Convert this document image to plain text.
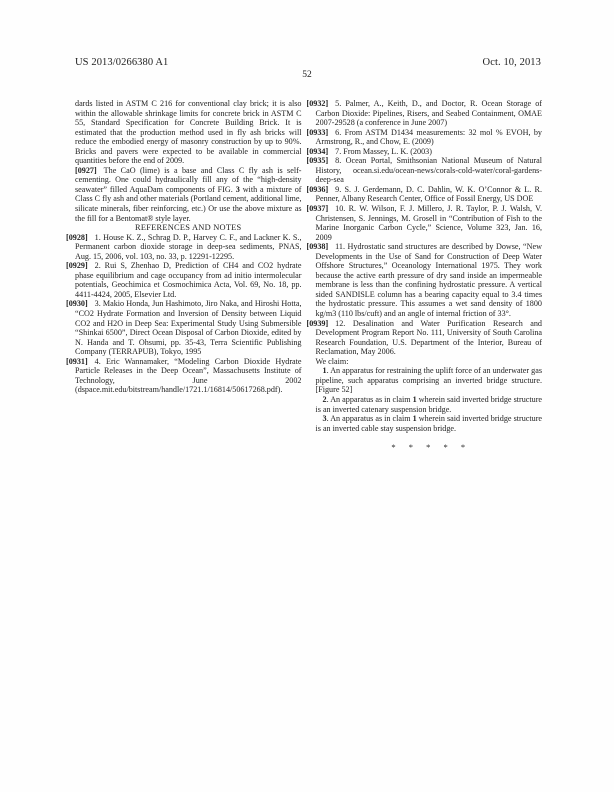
US 2013/0266380 A1	Oct. 10, 2013
52

dards listed in ASTM C 216 for conventional clay brick; it is also within the allowable shrinkage limits for concrete brick in ASTM C 55, Standard Specification for Concrete Building Brick. It is estimated that the production method used in fly ash bricks will reduce the embodied energy of masonry construction by up to 90%. Bricks and pavers were expected to be available in commercial quantities before the end of 2009.

[0927] The CaO (lime) is a base and Class C fly ash is self-cementing. One could hydraulically fill any of the “high-density seawater” filled AquaDam components of FIG. 3 with a mixture of Class C fly ash and other materials (Portland cement, additional lime, silicate minerals, fiber reinforcing, etc.) Or use the above mixture as the fill for a Bentomat® style layer.

REFERENCES AND NOTES

[0928] 1. House K. Z., Schrag D. P., Harvey C. F., and Lackner K. S., Permanent carbon dioxide storage in deep-sea sediments, PNAS, Aug. 15, 2006, vol. 103, no. 33, p. 12291-12295.

[0929] 2. Rui S, Zhenhao D, Prediction of CH4 and CO2 hydrate phase equilibrium and cage occupancy from ad initio intermolecular potentials, Geochimica et Cosmochimica Acta, Vol. 69, No. 18, pp. 4411-4424, 2005, Elsevier Ltd.

[0930] 3. Makio Honda, Jun Hashimoto, Jiro Naka, and Hiroshi Hotta, “CO2 Hydrate Formation and Inversion of Density between Liquid CO2 and H2O in Deep Sea: Experimental Study Using Submersible “Shinkai 6500”, Direct Ocean Disposal of Carbon Dioxide, edited by N. Handa and T. Ohsumi, pp. 35-43, Terra Scientific Publishing Company (TERRAPUB), Tokyo, 1995

[0931] 4. Eric Wannamaker, “Modeling Carbon Dioxide Hydrate Particle Releases in the Deep Ocean”, Massachusetts Institute of Technology, June 2002 (dspace.mit.edu/bitstream/handle/1721.1/16814/50617268.pdf).

[0932] 5. Palmer, A., Keith, D., and Doctor, R. Ocean Storage of Carbon Dioxide: Pipelines, Risers, and Seabed Containment, OMAE 2007-29528 (a conference in June 2007)

[0933] 6. From ASTM D1434 measurements: 32 mol % EVOH, by Armstrong, R., and Chow, E. (2009)

[0934] 7. From Massey, L. K. (2003)

[0935] 8. Ocean Portal, Smithsonian National Museum of Natural History, ocean.si.edu/ocean-news/corals-cold-water/coral-gardens-deep-sea

[0936] 9. S. J. Gerdemann, D. C. Dahlin, W. K. O’Connor & L. R. Penner, Albany Research Center, Office of Fossil Energy, US DOE

[0937] 10. R. W. Wilson, F. J. Millero, J. R. Taylor, P. J. Walsh, V. Christensen, S. Jennings, M. Grosell in “Contribution of Fish to the Marine Inorganic Carbon Cycle,” Science, Volume 323, Jan. 16, 2009

[0938] 11. Hydrostatic sand structures are described by Dowse, “New Developments in the Use of Sand for Construction of Deep Water Offshore Structures,” Oceanology International 1975. They work because the active earth pressure of dry sand inside an impermeable membrane is less than the confining hydrostatic pressure. A vertical sided SANDISLE column has a bearing capacity equal to 3.4 times the hydrostatic pressure. This assumes a wet sand density of 1800 kg/m3 (110 lbs/cuft) and an angle of internal friction of 33°.

[0939] 12. Desalination and Water Purification Research and Development Program Report No. 111, University of South Carolina Research Foundation, U.S. Department of the Interior, Bureau of Reclamation, May 2006.

We claim:

1. An apparatus for restraining the uplift force of an underwater gas pipeline, such apparatus comprising an inverted bridge structure. [Figure 52]

2. An apparatus as in claim 1 wherein said inverted bridge structure is an inverted catenary suspension bridge.

3. An apparatus as in claim 1 wherein said inverted bridge structure is an inverted cable stay suspension bridge.

* * * * *
